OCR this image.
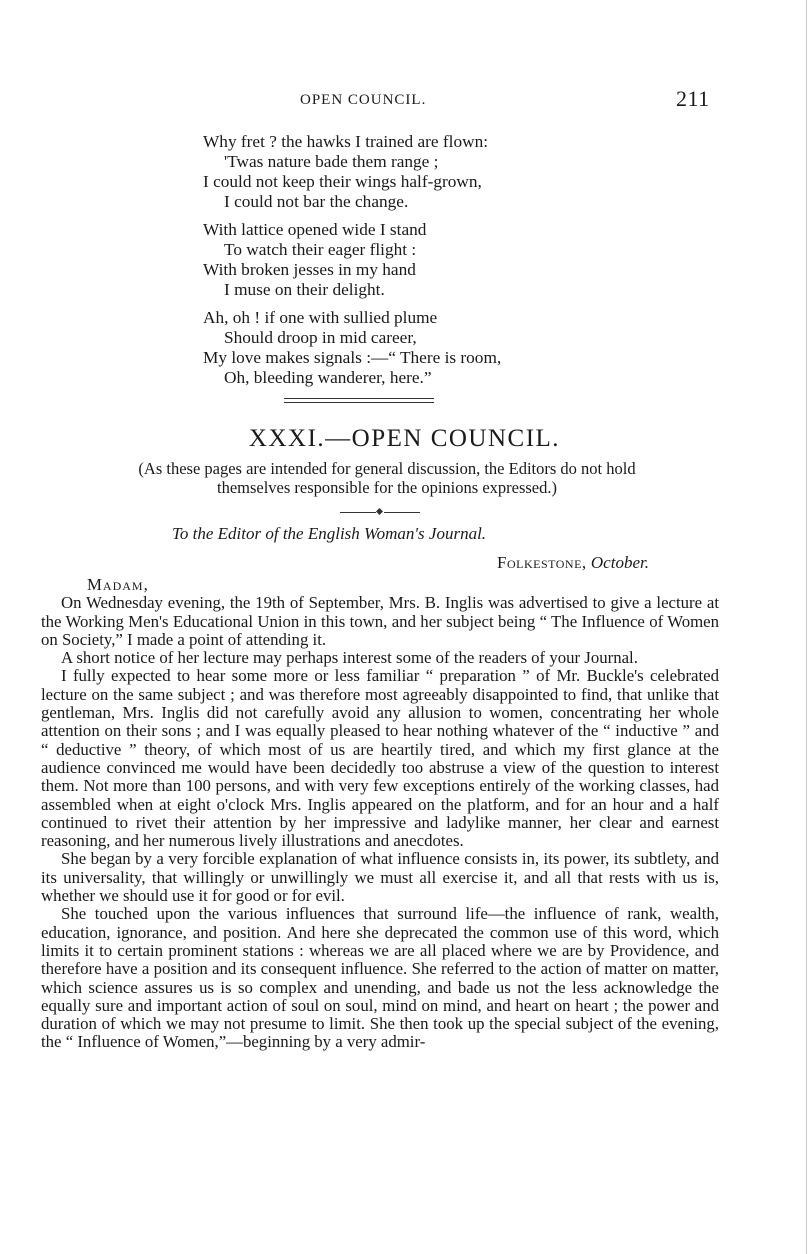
OPEN COUNCIL.	211
Why fret ? the hawks I trained are flown:
'Twas nature bade them range ;
I could not keep their wings half-grown,
I could not bar the change.
With lattice opened wide I stand
To watch their eager flight :
With broken jesses in my hand
I muse on their delight.
Ah, oh ! if one with sullied plume
Should droop in mid career,
My love makes signals :—“ There is room,
Oh, bleeding wanderer, here.”
XXXI.—OPEN COUNCIL.
(As these pages are intended for general discussion, the Editors do not hold
themselves responsible for the opinions expressed.)
To the Editor of the English Woman's Journal.
Folkestone, October.
Madam,

On Wednesday evening, the 19th of September, Mrs. B. Inglis was advertised to give a lecture at the Working Men's Educational Union in this town, and her subject being “ The Influence of Women on Society,” I made a point of attending it.

A short notice of her lecture may perhaps interest some of the readers of your Journal.

I fully expected to hear some more or less familiar “ preparation ” of Mr. Buckle's celebrated lecture on the same subject ; and was therefore most agreeably disappointed to find, that unlike that gentleman, Mrs. Inglis did not carefully avoid any allusion to women, concentrating her whole attention on their sons ; and I was equally pleased to hear nothing whatever of the “ inductive ” and “ deductive ” theory, of which most of us are heartily tired, and which my first glance at the audience convinced me would have been decidedly too abstruse a view of the question to interest them. Not more than 100 persons, and with very few exceptions entirely of the working classes, had assembled when at eight o'clock Mrs. Inglis appeared on the platform, and for an hour and a half continued to rivet their attention by her impressive and ladylike manner, her clear and earnest reasoning, and her numerous lively illustrations and anecdotes.

She began by a very forcible explanation of what influence consists in, its power, its subtlety, and its universality, that willingly or unwillingly we must all exercise it, and all that rests with us is, whether we should use it for good or for evil.

She touched upon the various influences that surround life—the influence of rank, wealth, education, ignorance, and position. And here she deprecated the common use of this word, which limits it to certain prominent stations : whereas we are all placed where we are by Providence, and therefore have a position and its consequent influence. She referred to the action of matter on matter, which science assures us is so complex and unending, and bade us not the less acknowledge the equally sure and important action of soul on soul, mind on mind, and heart on heart ; the power and duration of which we may not presume to limit. She then took up the special subject of the evening, the “ Influence of Women,”—beginning by a very admir-
